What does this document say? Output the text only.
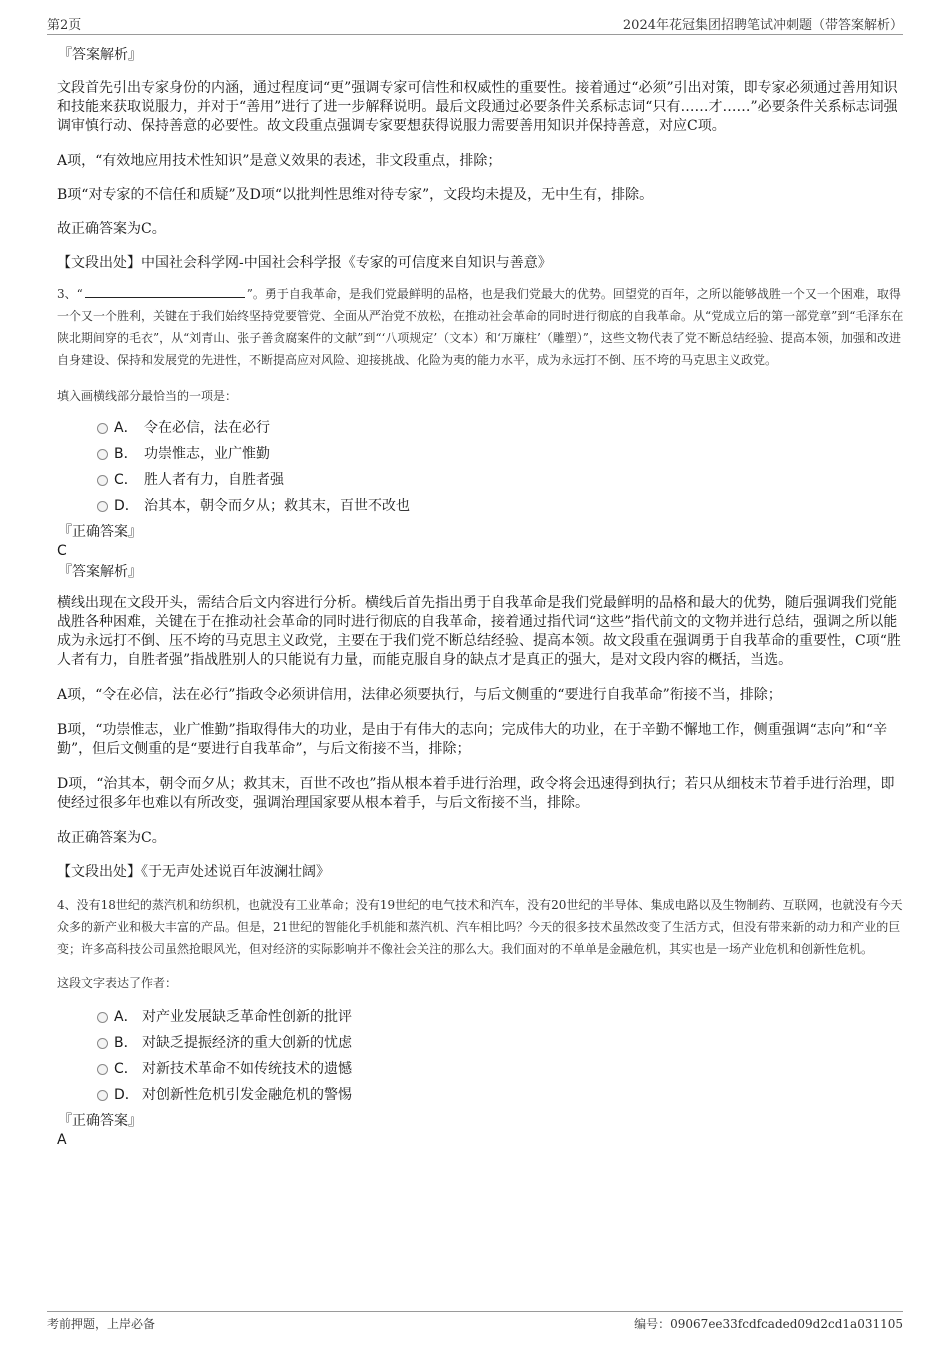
第2页	2024年花冠集团招聘笔试冲刺题（带答案解析）
『答案解析』

文段首先引出专家身份的内涵，通过程度词“更”强调专家可信性和权威性的重要性。接着通过“必须”引出对策，即专家必须通过善用知识和技能来获取说服力，并对于“善用”进行了进一步解释说明。最后文段通过必要条件关系标志词“只有……才……”必要条件关系标志词强调审慎行动、保持善意的必要性。故文段重点强调专家要想获得说服力需要善用知识并保持善意，对应C项。

A项，“有效地应用技术性知识”是意义效果的表述，非文段重点，排除；

B项“对专家的不信任和质疑”及D项“以批判性思维对待专家”，文段均未提及，无中生有，排除。

故正确答案为C。

【文段出处】中国社会科学网-中国社会科学报《专家的可信度来自知识与善意》

3、“	”。勇于自我革命，是我们党最鲜明的品格，也是我们党最大的优势。回望党的百年，之所以能够战胜一个又一个困难，取得一个又一个胜利，关键在于我们始终坚持党要管党、全面从严治党不放松，在推动社会革命的同时进行彻底的自我革命。从“党成立后的第一部党章”到“毛泽东在陕北期间穿的毛衣”，从“刘青山、张子善贪腐案件的文献”到“‘八项规定’（文本）和‘万廉柱’（雕塑）”，这些文物代表了党不断总结经验、提高本领，加强和改进自身建设、保持和发展党的先进性，不断提高应对风险、迎接挑战、化险为夷的能力水平，成为永远打不倒、压不垮的马克思主义政党。

填入画横线部分最恰当的一项是：

A． 令在必信，法在必行
B． 功崇惟志，业广惟勤
C． 胜人者有力，自胜者强
D． 治其本，朝令而夕从；救其末，百世不改也
『正确答案』
C
『答案解析』

横线出现在文段开头，需结合后文内容进行分析。横线后首先指出勇于自我革命是我们党最鲜明的品格和最大的优势，随后强调我们党能战胜各种困难，关键在于在推动社会革命的同时进行彻底的自我革命，接着通过指代词“这些”指代前文的文物并进行总结，强调之所以能成为永远打不倒、压不垮的马克思主义政党，主要在于我们党不断总结经验、提高本领。故文段重在强调勇于自我革命的重要性，C项“胜人者有力，自胜者强”指战胜别人的只能说有力量，而能克服自身的缺点才是真正的强大，是对文段内容的概括，当选。

A项，“令在必信，法在必行”指政令必须讲信用，法律必须要执行，与后文侧重的“要进行自我革命”衔接不当，排除；

B项，“功崇惟志，业广惟勤”指取得伟大的功业，是由于有伟大的志向；完成伟大的功业，在于辛勤不懈地工作，侧重强调“志向”和“辛勤”，但后文侧重的是“要进行自我革命”，与后文衔接不当，排除；

D项，“治其本，朝令而夕从；救其末，百世不改也”指从根本着手进行治理，政令将会迅速得到执行；若只从细枝末节着手进行治理，即使经过很多年也难以有所改变，强调治理国家要从根本着手，与后文衔接不当，排除。

故正确答案为C。

【文段出处】《于无声处述说百年波澜壮阔》

4、没有18世纪的蒸汽机和纺织机，也就没有工业革命；没有19世纪的电气技术和汽车，没有20世纪的半导体、集成电路以及生物制药、互联网，也就没有今天众多的新产业和极大丰富的产品。但是，21世纪的智能化手机能和蒸汽机、汽车相比吗？今天的很多技术虽然改变了生活方式，但没有带来新的动力和产业的巨变；许多高科技公司虽然抢眼风光，但对经济的实际影响并不像社会关注的那么大。我们面对的不单单是金融危机，其实也是一场产业危机和创新性危机。

这段文字表达了作者：

A． 对产业发展缺乏革命性创新的批评
B． 对缺乏提振经济的重大创新的忧虑
C． 对新技术革命不如传统技术的遗憾
D． 对创新性危机引发金融危机的警惕
『正确答案』
A
考前押题，上岸必备	编号：09067ee33fcdfcaded09d2cd1a031105
